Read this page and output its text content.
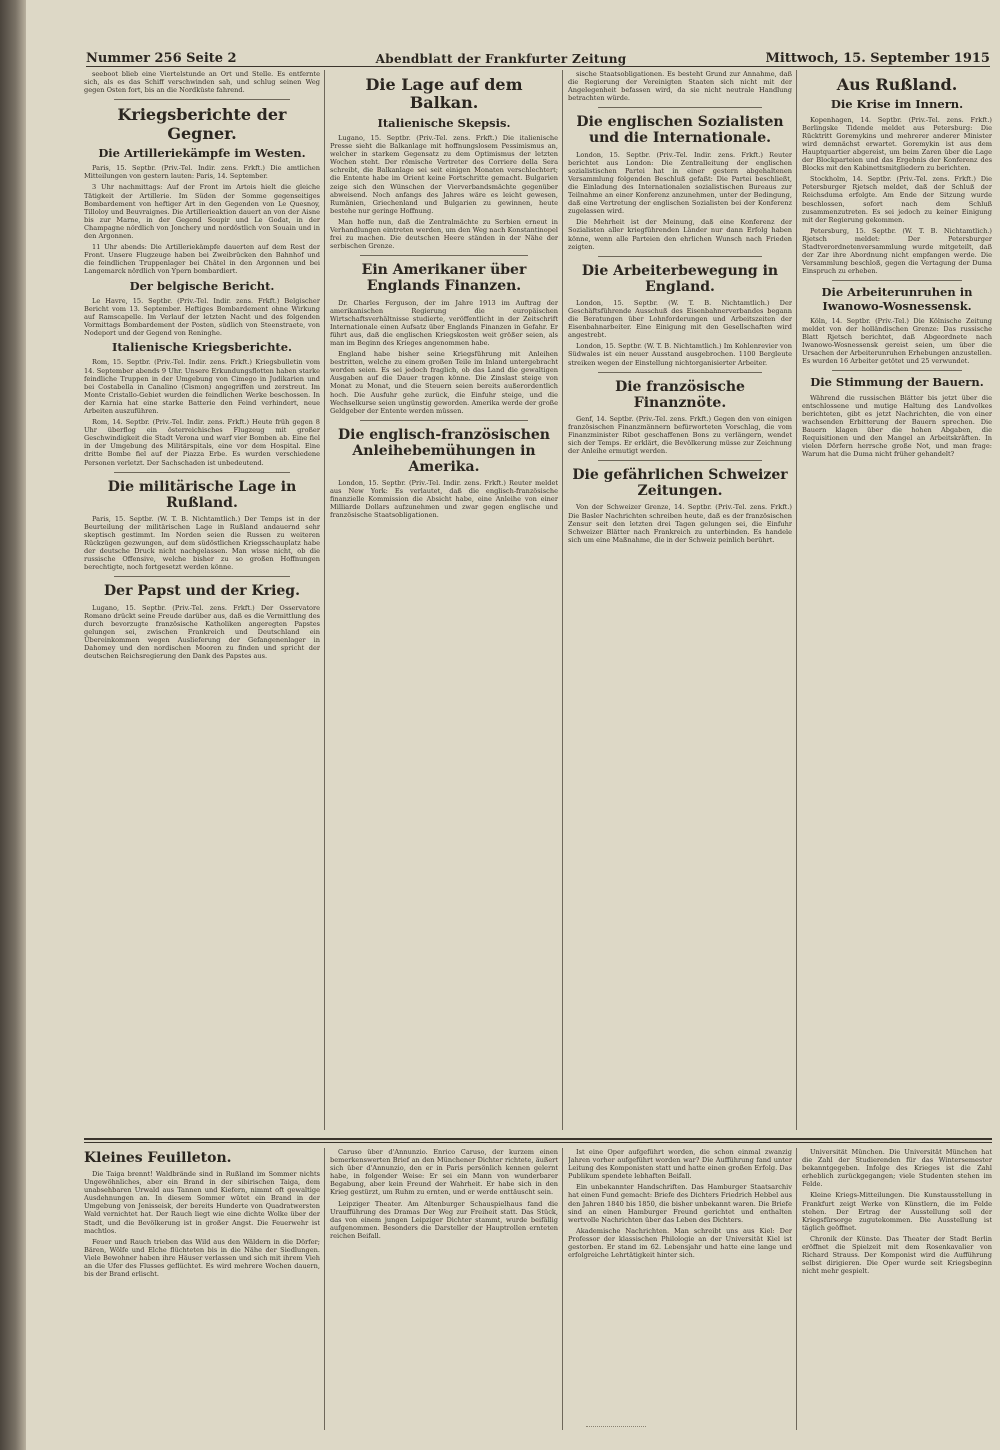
Nummer 256 Seite 2	Abendblatt der Frankfurter Zeitung	Mittwoch, 15. September 1915

seeboot blieb eine Viertelstunde an Ort und Stelle. Es entfernte sich, als es das Schiff verschwinden sah, und schlug seinen Weg gegen Osten fort, bis an die Nordküste fahrend.

Kriegsberichte der Gegner.
Die Artilleriekämpfe im Westen.

Paris, 15. Septbr. (Priv.-Tel. Indir. zens. Frkft.) Die amtlichen Mitteilungen von gestern lauten: Paris, 14. September.

3 Uhr nachmittags: Auf der Front im Artois hielt die gleiche Tätigkeit der Artillerie. Im Süden der Somme gegenseitiges Bombardement von heftiger Art in den Gegenden von Le Quesnoy, Tilloloy und Beuvraignes. Die Artillerieaktion dauert an von der Aisne bis zur Marne, in der Gegend Soupir und Le Godat, in der Champagne nördlich von Jonchery und nordöstlich von Souain und in den Argonnen.

11 Uhr abends: Die Artilleriekämpfe dauerten auf dem Rest der Front. Unsere Flugzeuge haben bei Zweibrücken den Bahnhof und die feindlichen Truppenlager bei Châtel in den Argonnen und bei Langemarck nördlich von Ypern bombardiert.

Der belgische Bericht.

Le Havre, 15. Septbr. (Priv.-Tel. Indir. zens. Frkft.) Belgischer Bericht vom 13. September. Heftiges Bombardement ohne Wirkung auf Ramscapelle. Im Verlauf der letzten Nacht und des folgenden Vormittags Bombardement der Posten, südlich von Steenstraete, von Nodeport und der Gegend von Reninghe.

Italienische Kriegsberichte.

Rom, 15. Septbr. (Priv.-Tel. Indir. zens. Frkft.) Kriegsbulletin vom 14. September abends 9 Uhr. Unsere Erkundungsflotten haben starke feindliche Truppen in der Umgebung von Cimego in Judikarien und bei Costabella in Canalino (Cismon) angegriffen und zerstreut. Im Monte Cristallo-Gebiet wurden die feindlichen Werke beschossen. In der Karnia hat eine starke Batterie den Feind verhindert, neue Arbeiten auszuführen.

Rom, 14. Septbr. (Priv.-Tel. Indir. zens. Frkft.) Heute früh gegen 8 Uhr überflog ein österreichisches Flugzeug mit großer Geschwindigkeit die Stadt Verona und warf vier Bomben ab. Eine fiel in der Umgebung des Militärspitals, eine vor dem Hospital. Eine dritte Bombe fiel auf der Piazza Erbe. Es wurden verschiedene Personen verletzt. Der Sachschaden ist unbedeutend.

Die militärische Lage in Rußland.

Paris, 15. Septbr. (W. T. B. Nichtamtlich.) Der Temps ist in der Beurteilung der militärischen Lage in Rußland andauernd sehr skeptisch gestimmt. Im Norden seien die Russen zu weiteren Rückzügen gezwungen, auf dem südöstlichen Kriegsschauplatz habe der deutsche Druck nicht nachgelassen. Man wisse nicht, ob die russische Offensive, welche bisher zu so großen Hoffnungen berechtigte, noch fortgesetzt werden könne.

Der Papst und der Krieg.

Lugano, 15. Septbr. (Priv.-Tel. zens. Frkft.) Der Osservatore Romano drückt seine Freude darüber aus, daß es die Vermittlung des durch bevorzugte französische Katholiken angeregten Papstes gelungen sei, zwischen Frankreich und Deutschland ein Übereinkommen wegen Auslieferung der Gefangenenlager in Dahomey und den nordischen Mooren zu finden und spricht der deutschen Reichsregierung den Dank des Papstes aus.

Die Lage auf dem Balkan.
Italienische Skepsis.

Lugano, 15. Septbr. (Priv.-Tel. zens. Frkft.) Die italienische Presse sieht die Balkanlage mit hoffnungslosem Pessimismus an, welcher in starkem Gegensatz zu dem Optimismus der letzten Wochen steht. Der römische Vertreter des Corriere della Sera schreibt, die Balkanlage sei seit einigen Monaten verschlechtert; die Entente habe im Orient keine Fortschritte gemacht. Bulgarien zeige sich den Wünschen der Vierverbandsmächte gegenüber abweisend. Noch anfangs des Jahres wäre es leicht gewesen, Rumänien, Griechenland und Bulgarien zu gewinnen, heute bestehe nur geringe Hoffnung.

Man hoffe nun, daß die Zentralmächte zu Serbien erneut in Verhandlungen eintreten werden, um den Weg nach Konstantinopel frei zu machen. Die deutschen Heere ständen in der Nähe der serbischen Grenze.

Ein Amerikaner über Englands Finanzen.

Dr. Charles Ferguson, der im Jahre 1913 im Auftrag der amerikanischen Regierung die europäischen Wirtschaftsverhältnisse studierte, veröffentlicht in der Zeitschrift Internationale einen Aufsatz über Englands Finanzen in Gefahr. Er führt aus, daß die englischen Kriegskosten weit größer seien, als man im Beginn des Krieges angenommen habe.

England habe bisher seine Kriegsführung mit Anleihen bestritten, welche zu einem großen Teile im Inland untergebracht worden seien. Es sei jedoch fraglich, ob das Land die gewaltigen Ausgaben auf die Dauer tragen könne. Die Zinslast steige von Monat zu Monat, und die Steuern seien bereits außerordentlich hoch. Die Ausfuhr gehe zurück, die Einfuhr steige, und die Wechselkurse seien ungünstig geworden. Amerika werde der große Geldgeber der Entente werden müssen.

Die englisch-französischen Anleihebemühungen in Amerika.

London, 15. Septbr. (Priv.-Tel. Indir. zens. Frkft.) Reuter meldet aus New York: Es verlautet, daß die englisch-französische finanzielle Kommission die Absicht habe, eine Anleihe von einer Milliarde Dollars aufzunehmen und zwar gegen englische und französische Staatsobligationen.

sische Staatsobligationen. Es besteht Grund zur Annahme, daß die Regierung der Vereinigten Staaten sich nicht mit der Angelegenheit befassen wird, da sie nicht neutrale Handlung betrachten würde.

Die englischen Sozialisten und die Internationale.

London, 15. Septbr. (Priv.-Tel. Indir. zens. Frkft.) Reuter berichtet aus London: Die Zentralleitung der englischen sozialistischen Partei hat in einer gestern abgehaltenen Versammlung folgenden Beschluß gefaßt: Die Partei beschließt, die Einladung des Internationalen sozialistischen Bureaus zur Teilnahme an einer Konferenz anzunehmen, unter der Bedingung, daß eine Vertretung der englischen Sozialisten bei der Konferenz zugelassen wird.

Die Mehrheit ist der Meinung, daß eine Konferenz der Sozialisten aller kriegführenden Länder nur dann Erfolg haben könne, wenn alle Parteien den ehrlichen Wunsch nach Frieden zeigten.

Die Arbeiterbewegung in England.

London, 15. Septbr. (W. T. B. Nichtamtlich.) Der Geschäftsführende Ausschuß des Eisenbahnerverbandes begann die Beratungen über Lohnforderungen und Arbeitszeiten der Eisenbahnarbeiter. Eine Einigung mit den Gesellschaften wird angestrebt.

London, 15. Septbr. (W. T. B. Nichtamtlich.) Im Kohlenrevier von Südwales ist ein neuer Ausstand ausgebrochen. 1100 Bergleute streiken wegen der Einstellung nichtorganisierter Arbeiter.

Die französische Finanznöte.

Genf, 14. Septbr. (Priv.-Tel. zens. Frkft.) Gegen den von einigen französischen Finanzmännern befürworteten Vorschlag, die vom Finanzminister Ribot geschaffenen Bons zu verlängern, wendet sich der Temps. Er erklärt, die Bevölkerung müsse zur Zeichnung der Anleihe ermutigt werden.

Die gefährlichen Schweizer Zeitungen.

Von der Schweizer Grenze, 14. Septbr. (Priv.-Tel. zens. Frkft.) Die Basler Nachrichten schreiben heute, daß es der französischen Zensur seit den letzten drei Tagen gelungen sei, die Einfuhr Schweizer Blätter nach Frankreich zu unterbinden. Es handele sich um eine Maßnahme, die in der Schweiz peinlich berührt.

Aus Rußland.
Die Krise im Innern.

Kopenhagen, 14. Septbr. (Priv.-Tel. zens. Frkft.) Berlingske Tidende meldet aus Petersburg: Die Rücktritt Goremykins und mehrerer anderer Minister wird demnächst erwartet. Goremykin ist aus dem Hauptquartier abgereist, um beim Zaren über die Lage der Blockparteien und das Ergebnis der Konferenz des Blocks mit den Kabinettsmitgliedern zu berichten.

Stockholm, 14. Septbr. (Priv.-Tel. zens. Frkft.) Die Petersburger Rjetsch meldet, daß der Schluß der Reichsduma erfolgte. Am Ende der Sitzung wurde beschlossen, sofort nach dem Schluß zusammenzutreten. Es sei jedoch zu keiner Einigung mit der Regierung gekommen.

Petersburg, 15. Septbr. (W. T. B. Nichtamtlich.) Rjetsch meldet: Der Petersburger Stadtverordnetenversammlung wurde mitgeteilt, daß der Zar ihre Abordnung nicht empfangen werde. Die Versammlung beschloß, gegen die Vertagung der Duma Einspruch zu erheben.

Die Arbeiterunruhen in Iwanowo-Wosnessensk.

Köln, 14. Septbr. (Priv.-Tel.) Die Kölnische Zeitung meldet von der holländischen Grenze: Das russische Blatt Rjetsch berichtet, daß Abgeordnete nach Iwanowo-Wosnessensk gereist seien, um über die Ursachen der Arbeiterunruhen Erhebungen anzustellen. Es wurden 16 Arbeiter getötet und 25 verwundet.

Die Stimmung der Bauern.

Während die russischen Blätter bis jetzt über die entschlossene und mutige Haltung des Landvolkes berichteten, gibt es jetzt Nachrichten, die von einer wachsenden Erbitterung der Bauern sprechen. Die Bauern klagen über die hohen Abgaben, die Requisitionen und den Mangel an Arbeitskräften. In vielen Dörfern herrsche große Not, und man frage: Warum hat die Duma nicht früher gehandelt?

Kleines Feuilleton.

Die Taiga brennt! Waldbrände sind in Rußland im Sommer nichts Ungewöhnliches, aber ein Brand in der sibirischen Taiga, dem unabsehbaren Urwald aus Tannen und Kiefern, nimmt oft gewaltige Ausdehnungen an. In diesem Sommer wütet ein Brand in der Umgebung von Jenisseisk, der bereits Hunderte von Quadratwersten Wald vernichtet hat. Der Rauch liegt wie eine dichte Wolke über der Stadt, und die Bevölkerung ist in großer Angst. Die Feuerwehr ist machtlos.

Feuer und Rauch trieben das Wild aus den Wäldern in die Dörfer; Bären, Wölfe und Elche flüchteten bis in die Nähe der Siedlungen. Viele Bewohner haben ihre Häuser verlassen und sich mit ihrem Vieh an die Ufer des Flusses geflüchtet. Es wird mehrere Wochen dauern, bis der Brand erlischt.

Caruso über d'Annunzio. Enrico Caruso, der kurzem einen bemerkenswerten Brief an den Münchener Dichter richtete, äußert sich über d'Annunzio, den er in Paris persönlich kennen gelernt habe, in folgender Weise: Er sei ein Mann von wunderbarer Begabung, aber kein Freund der Wahrheit. Er habe sich in den Krieg gestürzt, um Ruhm zu ernten, und er werde enttäuscht sein.

Leipziger Theater. Am Altenburger Schauspielhaus fand die Uraufführung des Dramas Der Weg zur Freiheit statt. Das Stück, das von einem jungen Leipziger Dichter stammt, wurde beifällig aufgenommen. Besonders die Darsteller der Hauptrollen ernteten reichen Beifall.

Ist eine Oper aufgeführt worden, die schon einmal zwanzig Jahren vorher aufgeführt worden war? Die Aufführung fand unter Leitung des Komponisten statt und hatte einen großen Erfolg. Das Publikum spendete lebhaften Beifall.

Ein unbekannter Handschriften. Das Hamburger Staatsarchiv hat einen Fund gemacht: Briefe des Dichters Friedrich Hebbel aus den Jahren 1840 bis 1850, die bisher unbekannt waren. Die Briefe sind an einen Hamburger Freund gerichtet und enthalten wertvolle Nachrichten über das Leben des Dichters.

Akademische Nachrichten. Man schreibt uns aus Kiel: Der Professor der klassischen Philologie an der Universität Kiel ist gestorben. Er stand im 62. Lebensjahr und hatte eine lange und erfolgreiche Lehrtätigkeit hinter sich.

Universität München. Die Universität München hat die Zahl der Studierenden für das Wintersemester bekanntgegeben. Infolge des Krieges ist die Zahl erheblich zurückgegangen; viele Studenten stehen im Felde.

Kleine Kriegs-Mitteilungen. Die Kunstausstellung in Frankfurt zeigt Werke von Künstlern, die im Felde stehen. Der Ertrag der Ausstellung soll der Kriegsfürsorge zugutekommen. Die Ausstellung ist täglich geöffnet.

Chronik der Künste. Das Theater der Stadt Berlin eröffnet die Spielzeit mit dem Rosenkavalier von Richard Strauss. Der Komponist wird die Aufführung selbst dirigieren. Die Oper wurde seit Kriegsbeginn nicht mehr gespielt.
